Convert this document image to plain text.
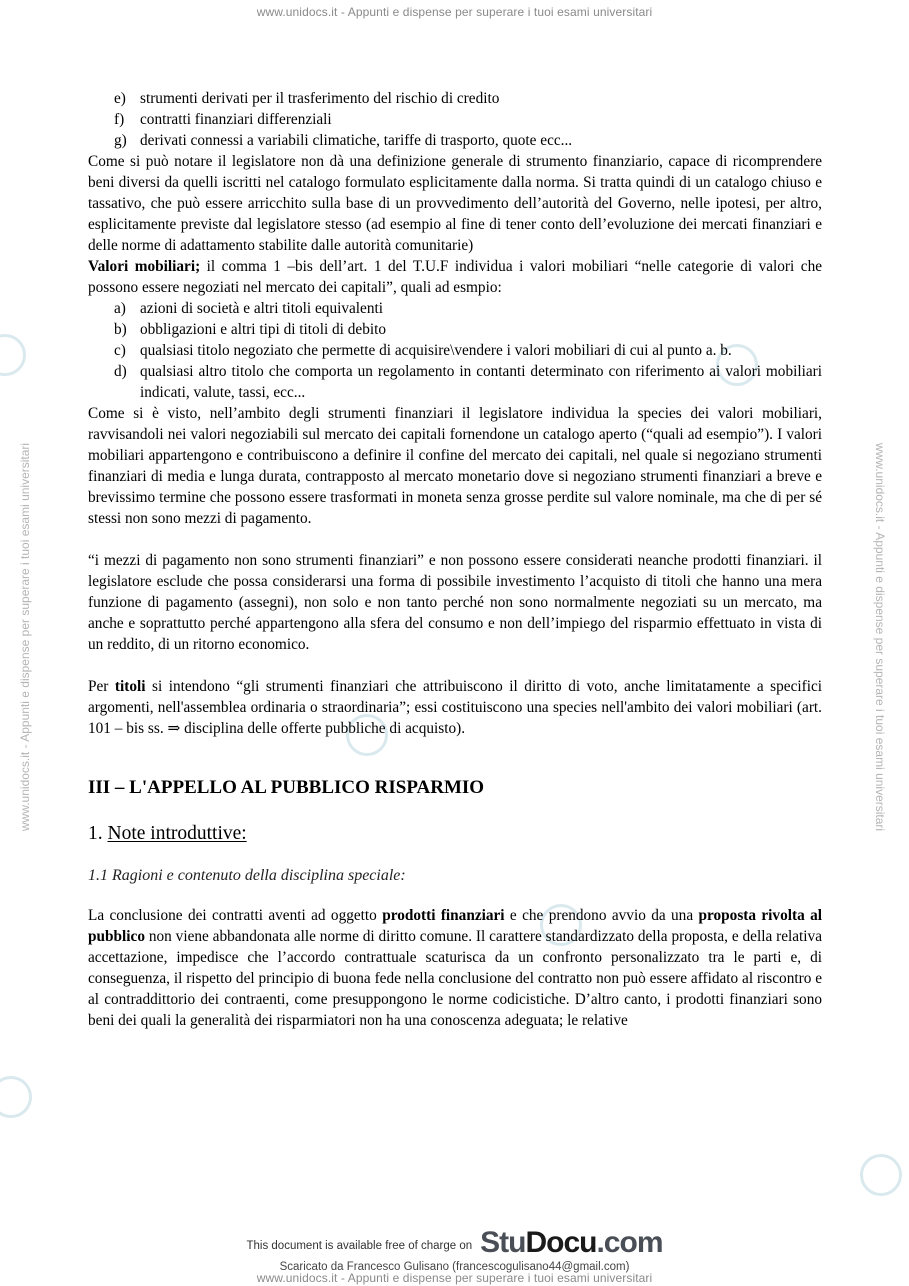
www.unidocs.it - Appunti e dispense per superare i tuoi esami universitari
www.unidocs.it - Appunti e dispense per superare i tuoi esami universitari	www.unidocs.it - Appunti e dispense per superare i tuoi esami universitari
e) strumenti derivati per il trasferimento del rischio di credito
f)	contratti finanziari differenziali
g) derivati connessi a variabili climatiche, tariffe di trasporto, quote ecc...

Come si può notare il legislatore non dà una definizione generale di strumento finanziario, capace di ricomprendere beni diversi da quelli iscritti nel catalogo formulato esplicitamente dalla norma. Si tratta quindi di un catalogo chiuso e tassativo, che può essere arricchito sulla base di un provvedimento dell’autorità del Governo, nelle ipotesi, per altro, esplicitamente previste dal legislatore stesso (ad esempio al fine di tener conto dell’evoluzione dei mercati finanziari e delle norme di adattamento stabilite dalle autorità comunitarie)

Valori mobiliari; il comma 1 –bis dell’art. 1 del T.U.F individua i valori mobiliari “nelle categorie di valori che possono essere negoziati nel mercato dei capitali”, quali ad esmpio:

a) azioni di società e altri titoli equivalenti
b) obbligazioni e altri tipi di titoli di debito
c) qualsiasi titolo negoziato che permette di acquisire\vendere i valori mobiliari di cui al punto a. b.
d) qualsiasi altro titolo che comporta un regolamento in contanti determinato con riferimento ai valori mobiliari indicati, valute, tassi, ecc...

Come si è visto, nell’ambito degli strumenti finanziari il legislatore individua la species dei valori mobiliari, ravvisandoli nei valori negoziabili sul mercato dei capitali fornendone un catalogo aperto (“quali ad esempio”). I valori mobiliari appartengono e contribuiscono a definire il confine del mercato dei capitali, nel quale si negoziano strumenti finanziari di media e lunga durata, contrapposto al mercato monetario dove si negoziano strumenti finanziari a breve e brevissimo termine che possono essere trasformati in moneta senza grosse perdite sul valore nominale, ma che di per sé stessi non sono mezzi di pagamento.

“i mezzi di pagamento non sono strumenti finanziari” e non possono essere considerati neanche prodotti finanziari. il legislatore esclude che possa considerarsi una forma di possibile investimento l’acquisto di titoli che hanno una mera funzione di pagamento (assegni), non solo e non tanto perché non sono normalmente negoziati su un mercato, ma anche e soprattutto perché appartengono alla sfera del consumo e non dell’impiego del risparmio effettuato in vista di un reddito, di un ritorno economico.

Per titoli si intendono “gli strumenti finanziari che attribuiscono il diritto di voto, anche limitatamente a specifici argomenti, nell'assemblea ordinaria o straordinaria”; essi costituiscono una species nell'ambito dei valori mobiliari (art. 101 – bis ss. ⇒ disciplina delle offerte pubbliche di acquisto).

III – L'APPELLO AL PUBBLICO RISPARMIO
1. Note introduttive:
1.1 Ragioni e contenuto della disciplina speciale:

La conclusione dei contratti aventi ad oggetto prodotti finanziari e che prendono avvio da una proposta rivolta al pubblico non viene abbandonata alle norme di diritto comune. Il carattere standardizzato della proposta, e della relativa accettazione, impedisce che l’accordo contrattuale scaturisca da un confronto personalizzato tra le parti e, di conseguenza, il rispetto del principio di buona fede nella conclusione del contratto non può essere affidato al riscontro e al contraddittorio dei contraenti, come presuppongono le norme codicistiche. D’altro canto, i prodotti finanziari sono beni dei quali la generalità dei risparmiatori non ha una conoscenza adeguata; le relative

This document is available free of charge on StuDocu.com
Scaricato da Francesco Gulisano (francescogulisano44@gmail.com)
www.unidocs.it - Appunti e dispense per superare i tuoi esami universitari
